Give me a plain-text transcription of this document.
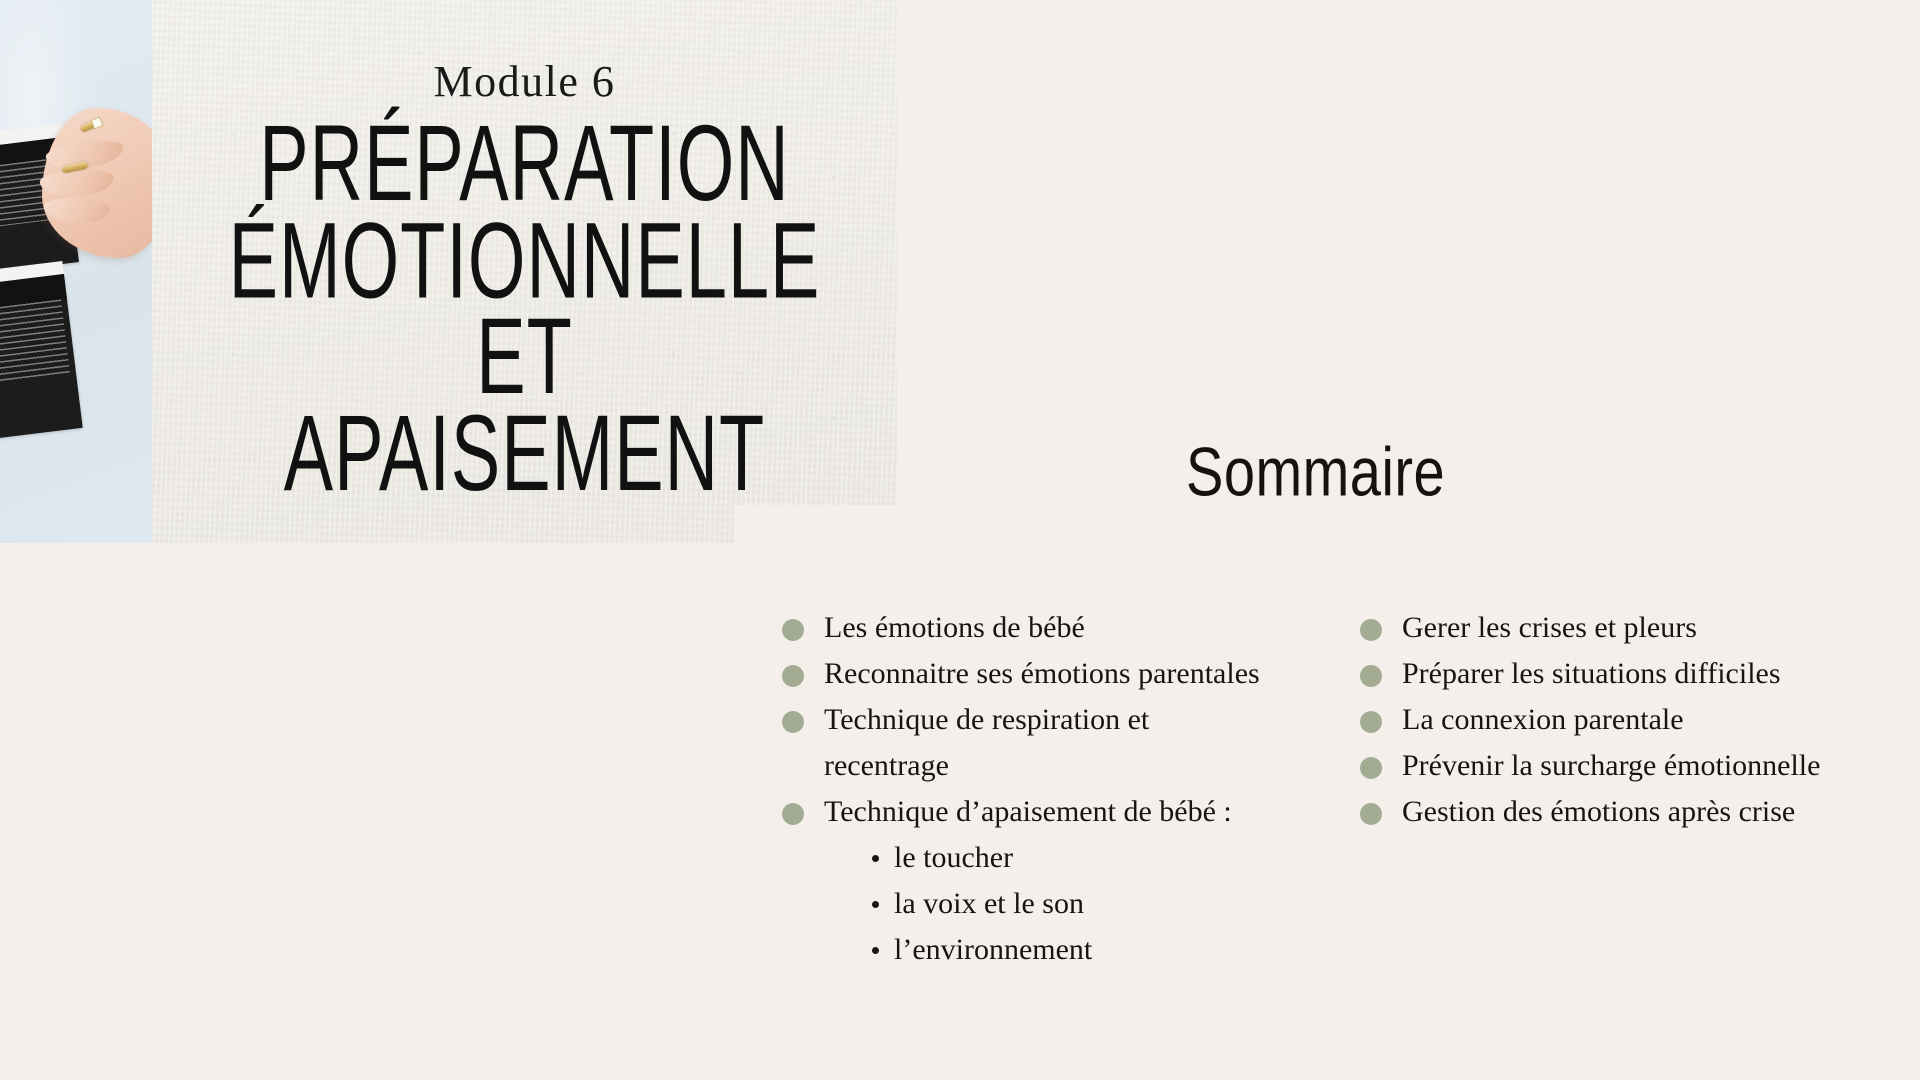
Module 6
PRÉPARATION
ÉMOTIONNELLE
ET
APAISEMENT	Sommaire
Les émotions de bébé
Reconnaitre ses émotions parentales
Technique de respiration et recentrage
Technique d’apaisement de bébé :
le toucher
la voix et le son
l’environnement
Gerer les crises et pleurs
Préparer les situations difficiles
La connexion parentale
Prévenir la surcharge émotionnelle
Gestion des émotions après crise
